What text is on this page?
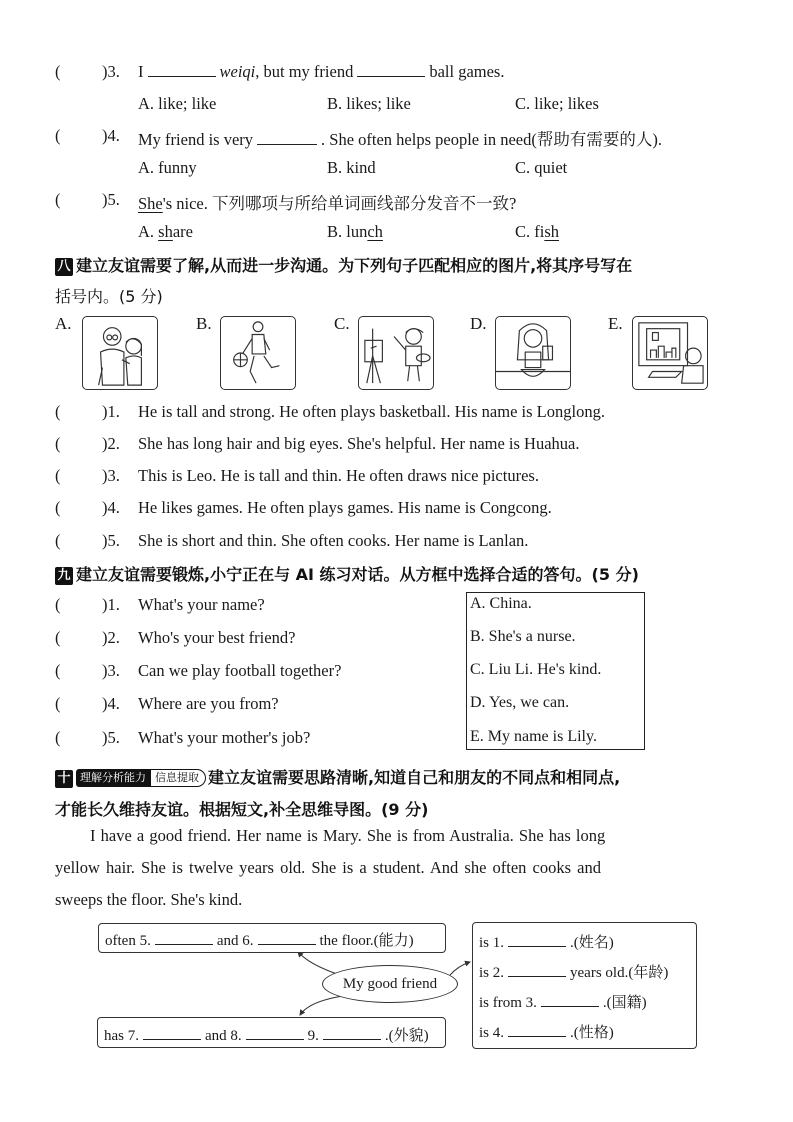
(	)3. I	weiqi, but my friend	ball games.
A. like; like	B. likes; like	C. like; likes
(	)4. My friend is very	. She often helps people in need(帮助有需要的人).
A. funny	B. kind	C. quiet
(	)5. She's nice. 下列哪项与所给单词画线部分发音不一致?
A. share	B. lunch	C. fish
八 建立友谊需要了解,从而进一步沟通。为下列句子匹配相应的图片,将其序号写在
括号内。(5 分)
A.	B.	C.	D.	E.
(	)1. He is tall and strong. He often plays basketball. His name is Longlong.
(	)2. She has long hair and big eyes. She's helpful. Her name is Huahua.
(	)3. This is Leo. He is tall and thin. He often draws nice pictures.
(	)4. He likes games. He often plays games. His name is Congcong.
(	)5. She is short and thin. She often cooks. Her name is Lanlan.
九 建立友谊需要锻炼,小宁正在与 AI 练习对话。从方框中选择合适的答句。(5 分)
(	)1. What's your name?
(	)2. Who's your best friend?
(	)3. Can we play football together?
(	)4. Where are you from?
(	)5. What's your mother's job?
A. China.
B. She's a nurse.
C. Liu Li. He's kind.
D. Yes, we can.
E. My name is Lily.
十 理解分析能力 信息提取 建立友谊需要思路清晰,知道自己和朋友的不同点和相同点,
才能长久维持友谊。根据短文,补全思维导图。(9 分)
I have a good friend. Her name is Mary. She is from Australia. She has long
yellow hair. She is twelve years old. She is a student. And she often cooks and
sweeps the floor. She's kind.
often 5.	and 6.	the floor.(能力)
has 7.	and 8.	9.	.(外貌)
My good friend
is 1.	.(姓名)
is 2.	years old.(年龄)
is from 3.	.(国籍)
is 4.	.(性格)
